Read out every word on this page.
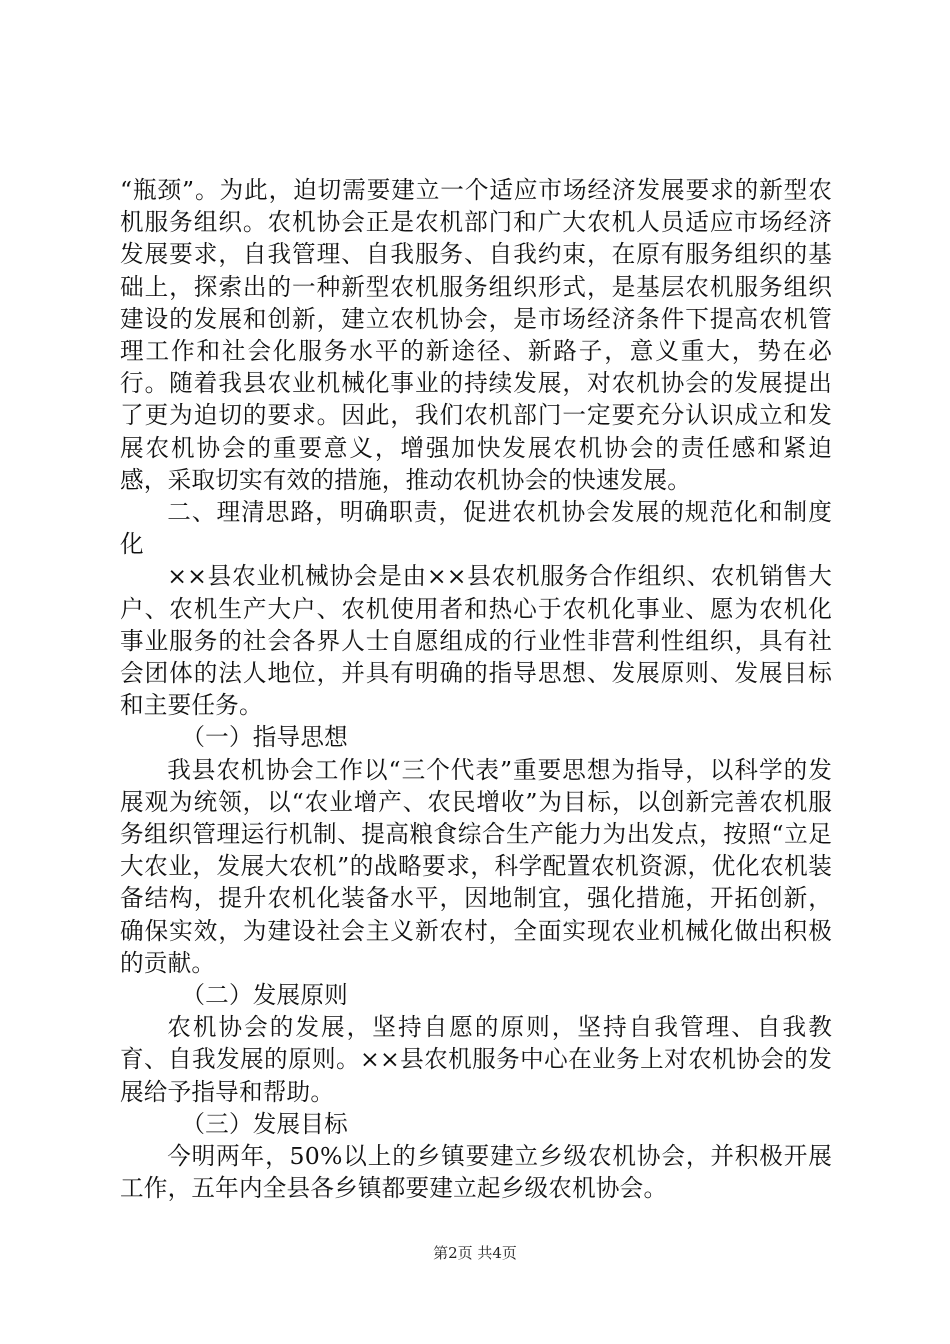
“瓶颈”。为此，迫切需要建立一个适应市场经济发展要求的新型农机服务组织。农机协会正是农机部门和广大农机人员适应市场经济发展要求，自我管理、自我服务、自我约束，在原有服务组织的基础上，探索出的一种新型农机服务组织形式，是基层农机服务组织建设的发展和创新，建立农机协会，是市场经济条件下提高农机管理工作和社会化服务水平的新途径、新路子，意义重大，势在必行。随着我县农业机械化事业的持续发展，对农机协会的发展提出了更为迫切的要求。因此，我们农机部门一定要充分认识成立和发展农机协会的重要意义，增强加快发展农机协会的责任感和紧迫感，采取切实有效的措施，推动农机协会的快速发展。

二、理清思路，明确职责，促进农机协会发展的规范化和制度化

××县农业机械协会是由××县农机服务合作组织、农机销售大户、农机生产大户、农机使用者和热心于农机化事业、愿为农机化事业服务的社会各界人士自愿组成的行业性非营利性组织，具有社会团体的法人地位，并具有明确的指导思想、发展原则、发展目标和主要任务。

（一）指导思想

我县农机协会工作以“三个代表”重要思想为指导，以科学的发展观为统领，以“农业增产、农民增收”为目标，以创新完善农机服务组织管理运行机制、提高粮食综合生产能力为出发点，按照“立足大农业，发展大农机”的战略要求，科学配置农机资源，优化农机装备结构，提升农机化装备水平，因地制宜，强化措施，开拓创新，确保实效，为建设社会主义新农村，全面实现农业机械化做出积极的贡献。

（二）发展原则

农机协会的发展，坚持自愿的原则，坚持自我管理、自我教育、自我发展的原则。××县农机服务中心在业务上对农机协会的发展给予指导和帮助。

（三）发展目标

今明两年，50%以上的乡镇要建立乡级农机协会，并积极开展工作，五年内全县各乡镇都要建立起乡级农机协会。

第2页 共4页
